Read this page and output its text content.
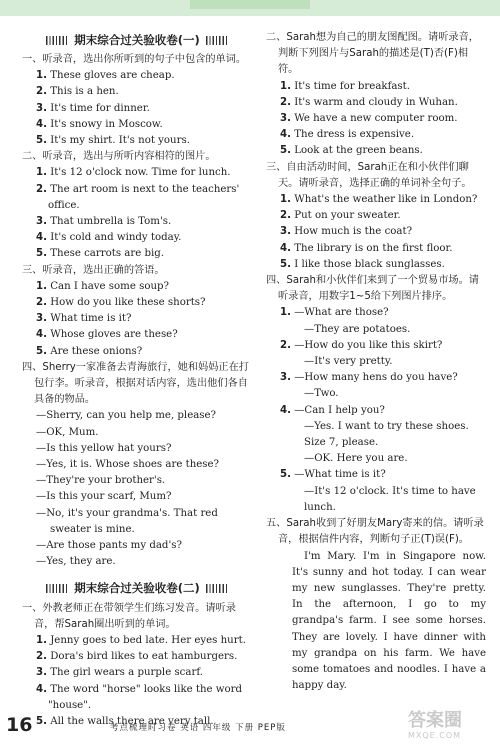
期末综合过关验收卷(一)
一、听录音，选出你所听到的句子中包含的单词。
1. These gloves are cheap.
2. This is a hen.
3. It's time for dinner.
4. It's snowy in Moscow.
5. It's my shirt. It's not yours.
二、听录音，选出与所听内容相符的图片。
1. It's 12 o'clock now. Time for lunch.
2. The art room is next to the teachers' office.
3. That umbrella is Tom's.
4. It's cold and windy today.
5. These carrots are big.
三、听录音，选出正确的答语。
1. Can I have some soup?
2. How do you like these shorts?
3. What time is it?
4. Whose gloves are these?
5. Are these onions?
四、Sherry一家准备去青海旅行，她和妈妈正在打包行李。听录音，根据对话内容，选出他们各自具备的物品。
—Sherry, can you help me, please?
—OK, Mum.
—Is this yellow hat yours?
—Yes, it is. Whose shoes are these?
—They're your brother's.
—Is this your scarf, Mum?
—No, it's your grandma's. That red
sweater is mine.
—Are those pants my dad's?
—Yes, they are.
期末综合过关验收卷(二)
一、外教老师正在带领学生们练习发音。请听录音，帮Sarah圈出听到的单词。
1. Jenny goes to bed late. Her eyes hurt.
2. Dora's bird likes to eat hamburgers.
3. The girl wears a purple scarf.
4. The word "horse" looks like the word "house".
5. All the walls there are very tall.
二、Sarah想为自己的朋友图配图。请听录音，判断下列图片与Sarah的描述是(T)否(F)相符。
1. It's time for breakfast.
2. It's warm and cloudy in Wuhan.
3. We have a new computer room.
4. The dress is expensive.
5. Look at the green beans.
三、自由活动时间，Sarah正在和小伙伴们聊天。请听录音，选择正确的单词补全句子。
1. What's the weather like in London?
2. Put on your sweater.
3. How much is the coat?
4. The library is on the first floor.
5. I like those black sunglasses.
四、Sarah和小伙伴们来到了一个贸易市场。请听录音，用数字1~5给下列图片排序。
1. —What are those?
—They are potatoes.
2. —How do you like this skirt?
—It's very pretty.
3. —How many hens do you have?
—Two.
4. —Can I help you?
—Yes. I want to try these shoes. Size 7, please.
—OK. Here you are.
5. —What time is it?
—It's 12 o'clock. It's time to have lunch.
五、Sarah收到了好朋友Mary寄来的信。请听录音，根据信件内容，判断句子正(T)误(F)。
I'm Mary. I'm in Singapore now. It's sunny and hot today. I can wear my new sunglasses. They're pretty. In the afternoon, I go to my grandpa's farm. I see some horses. They are lovely. I have dinner with my grandpa on his farm. We have some tomatoes and noodles. I have a happy day.
16	考点梳理时习卷 英语 四年级 下册 PEP版	答案圈
MXQE.COM
